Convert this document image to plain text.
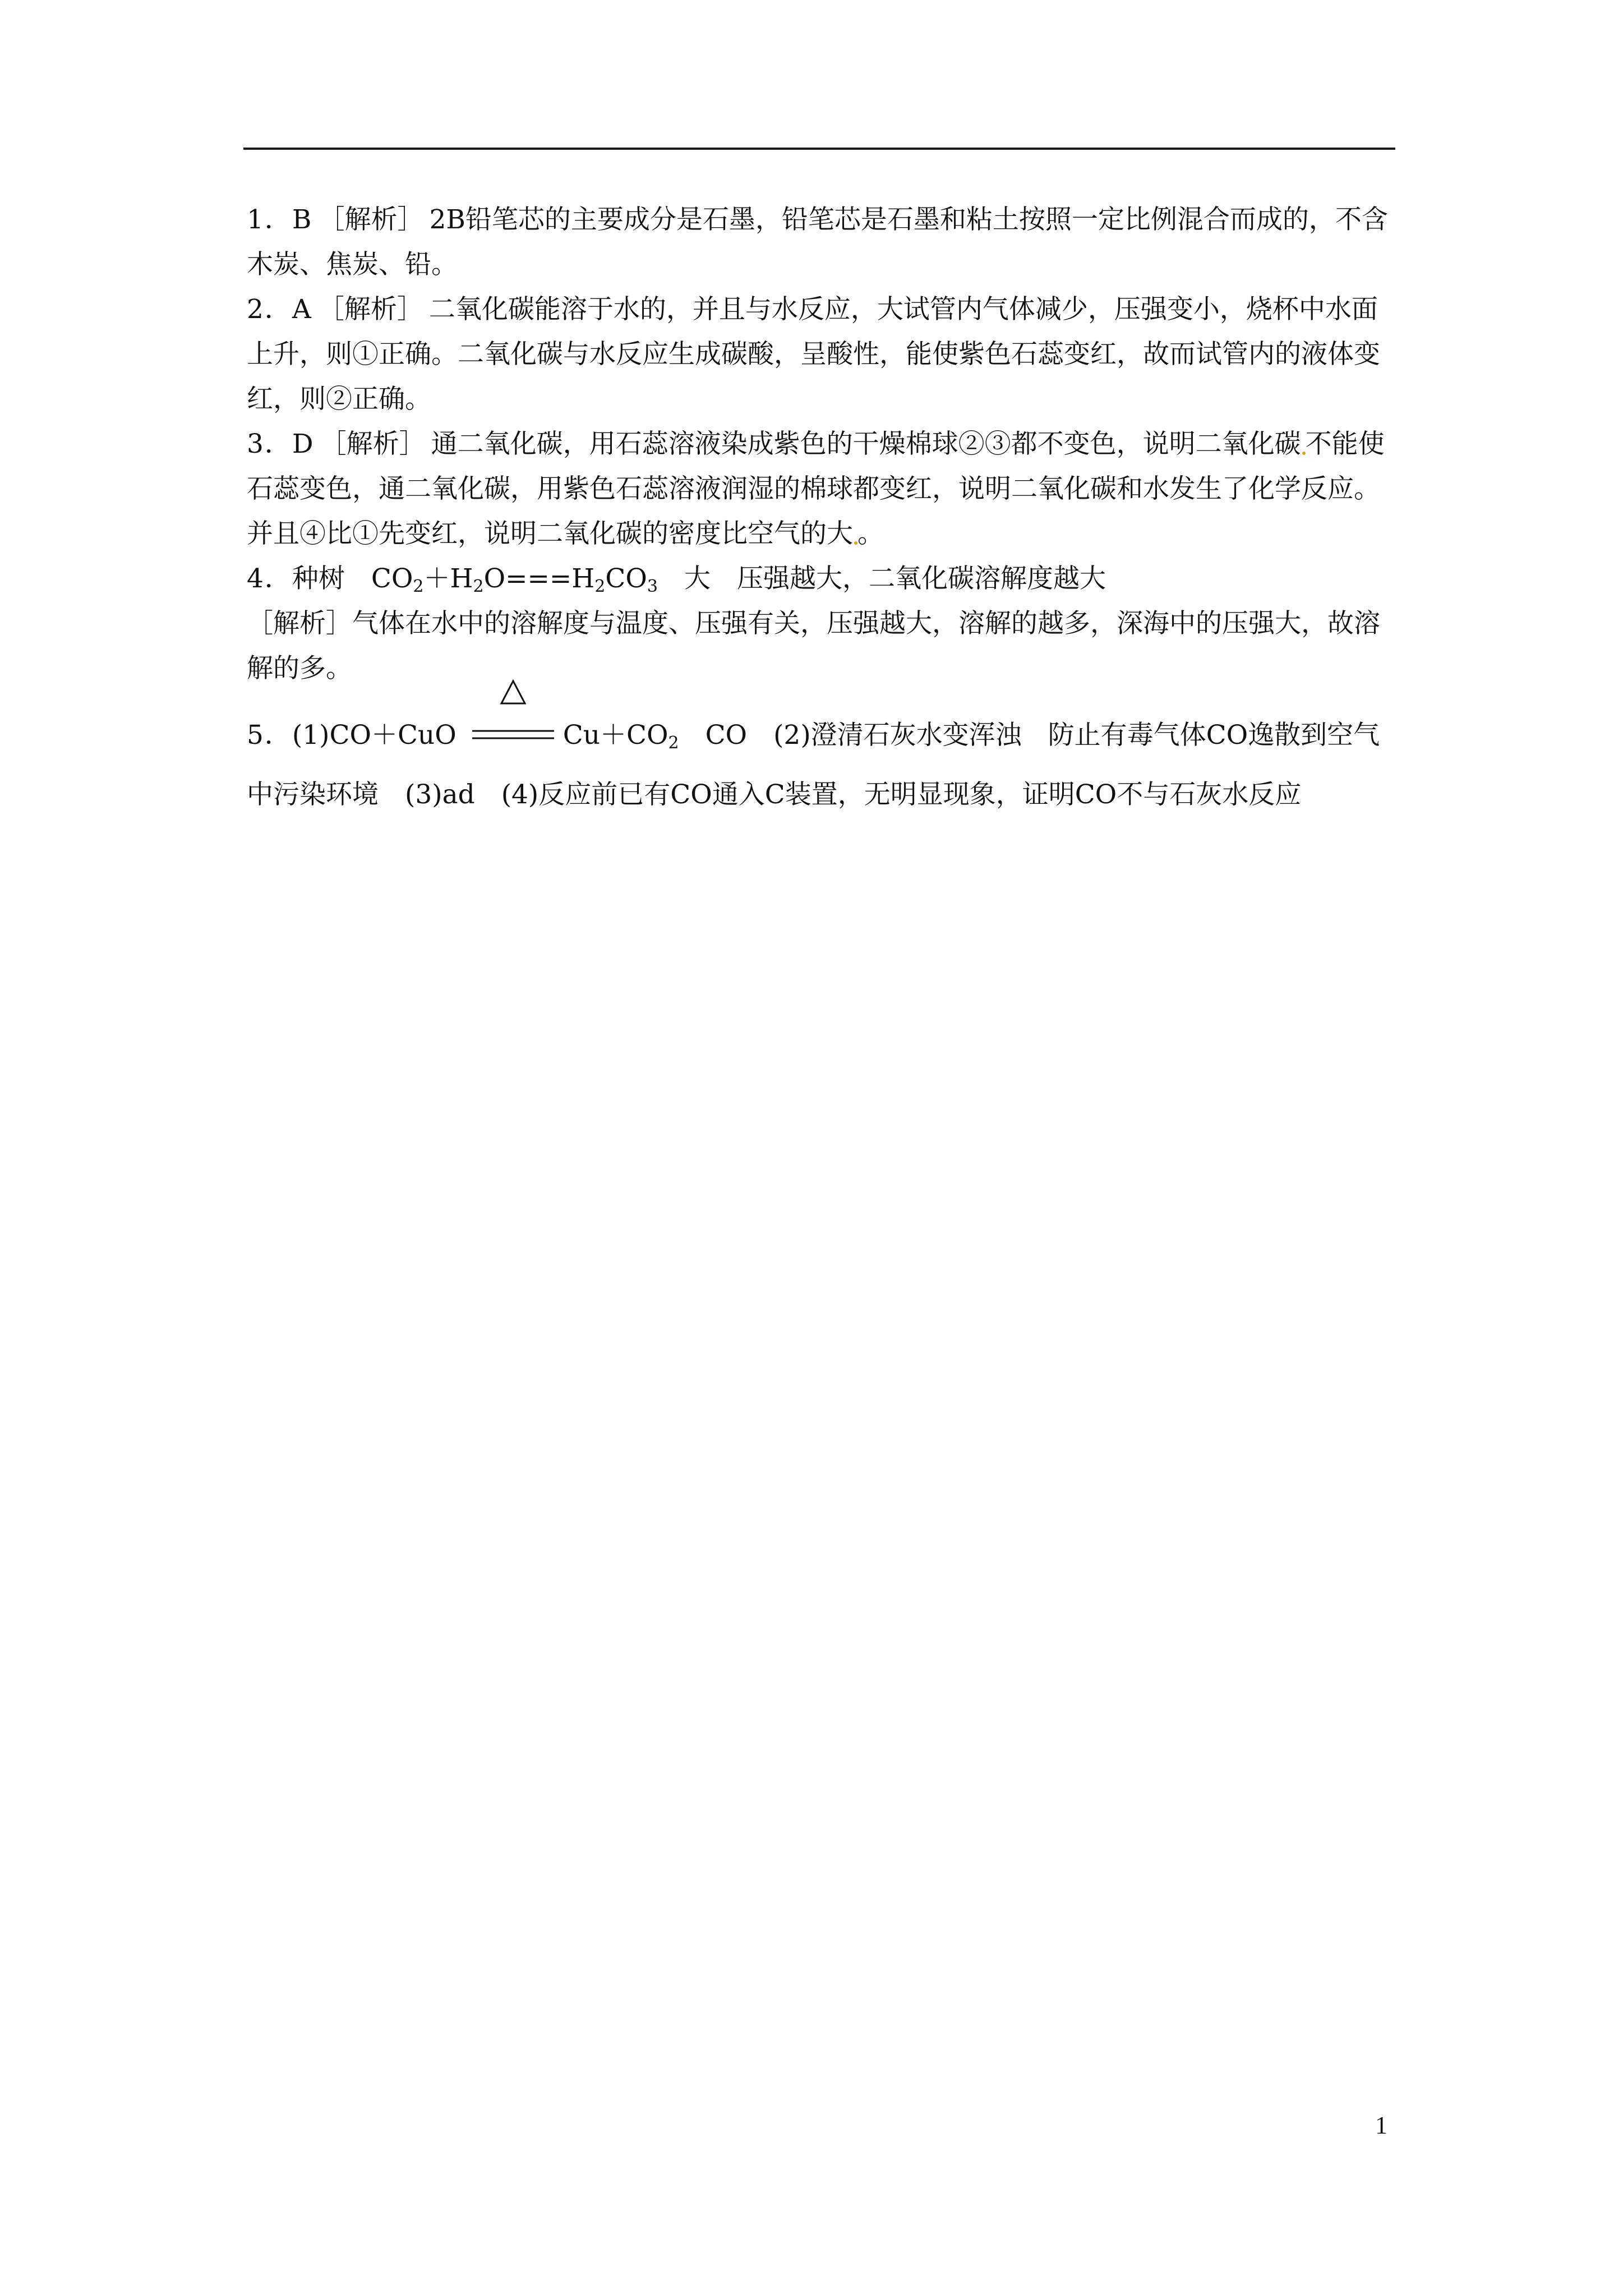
1．B ［解析］ 2B铅笔芯的主要成分是石墨，铅笔芯是石墨和粘土按照一定比例混合而成的，不含木炭、焦炭、铅。

2．A ［解析］ 二氧化碳能溶于水的，并且与水反应，大试管内气体减少，压强变小，烧杯中水面上升，则①正确。二氧化碳与水反应生成碳酸，呈酸性，能使紫色石蕊变红，故而试管内的液体变红，则②正确。

3．D ［解析］ 通二氧化碳，用石蕊溶液染成紫色的干燥棉球②③都不变色，说明二氧化碳 不能使石蕊变色，通二氧化碳，用紫色石蕊溶液润湿的棉球都变红，说明二氧化碳和水发生了化学反应。并且④比①先变红，说明二氧化碳的密度比空气的大 。

4．种树　 $CO_2+H_2O===H_2CO_3$　 大　 压强越大，二氧化碳溶解度越大

［解析］气体在水中的溶解度与温度、压强有关，压强越大，溶解的越多，深海中的压强大，故溶解的多。

5．(1)CO＋CuO	$Cu+CO_2$　 CO　 (2)澄清石灰水变浑浊　防止有毒气体CO逸散到空气中污染环境　 (3)ad　 (4)反应前已有CO通入C装置，无明显现象，证明CO不与石灰水反应

1
